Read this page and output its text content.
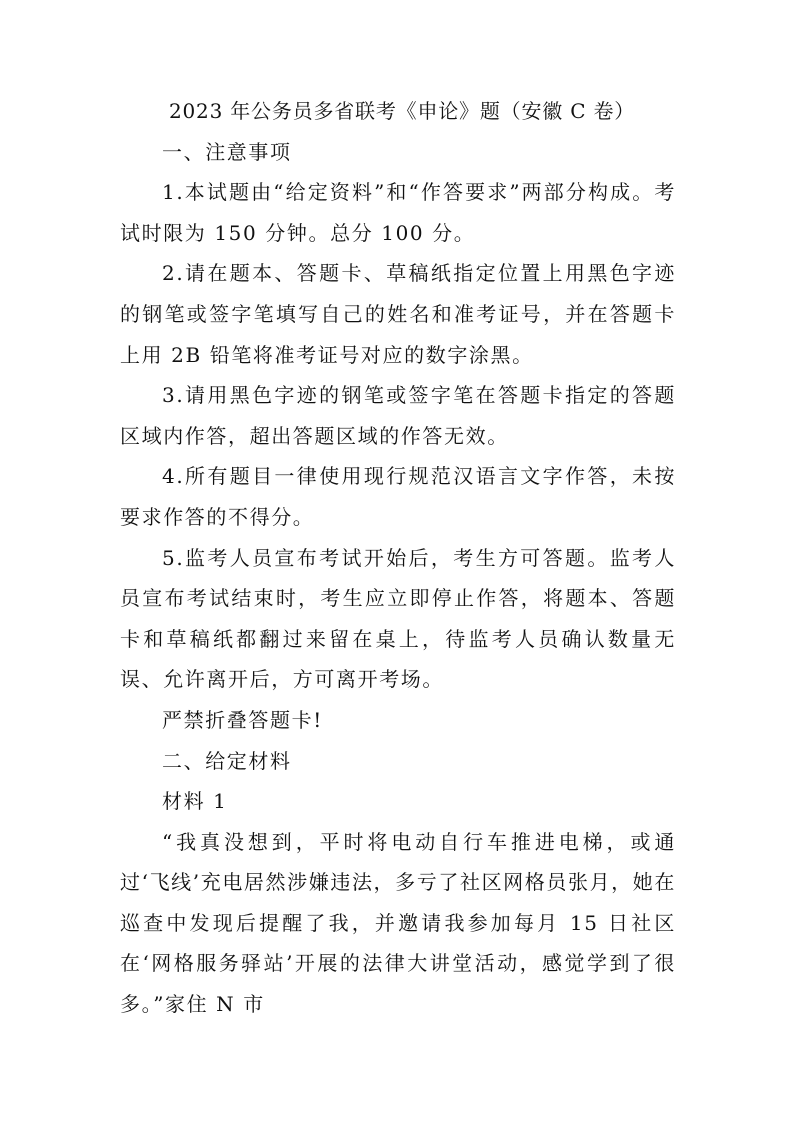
2023 年公务员多省联考《申论》题（安徽 C 卷）

一、注意事项

1.本试题由“给定资料”和“作答要求”两部分构成。考试时限为 150 分钟。总分 100 分。

2.请在题本、答题卡、草稿纸指定位置上用黑色字迹的钢笔或签字笔填写自己的姓名和准考证号，并在答题卡上用 2B 铅笔将准考证号对应的数字涂黑。

3.请用黑色字迹的钢笔或签字笔在答题卡指定的答题区域内作答，超出答题区域的作答无效。

4.所有题目一律使用现行规范汉语言文字作答，未按要求作答的不得分。

5.监考人员宣布考试开始后，考生方可答题。监考人员宣布考试结束时，考生应立即停止作答，将题本、答题卡和草稿纸都翻过来留在桌上，待监考人员确认数量无误、允许离开后，方可离开考场。

严禁折叠答题卡!

二、给定材料

材料 1

“我真没想到，平时将电动自行车推进电梯，或通过‘飞线’充电居然涉嫌违法，多亏了社区网格员张月，她在巡查中发现后提醒了我，并邀请我参加每月 15 日社区在‘网格服务驿站’开展的法律大讲堂活动，感觉学到了很多。”家住 N 市
